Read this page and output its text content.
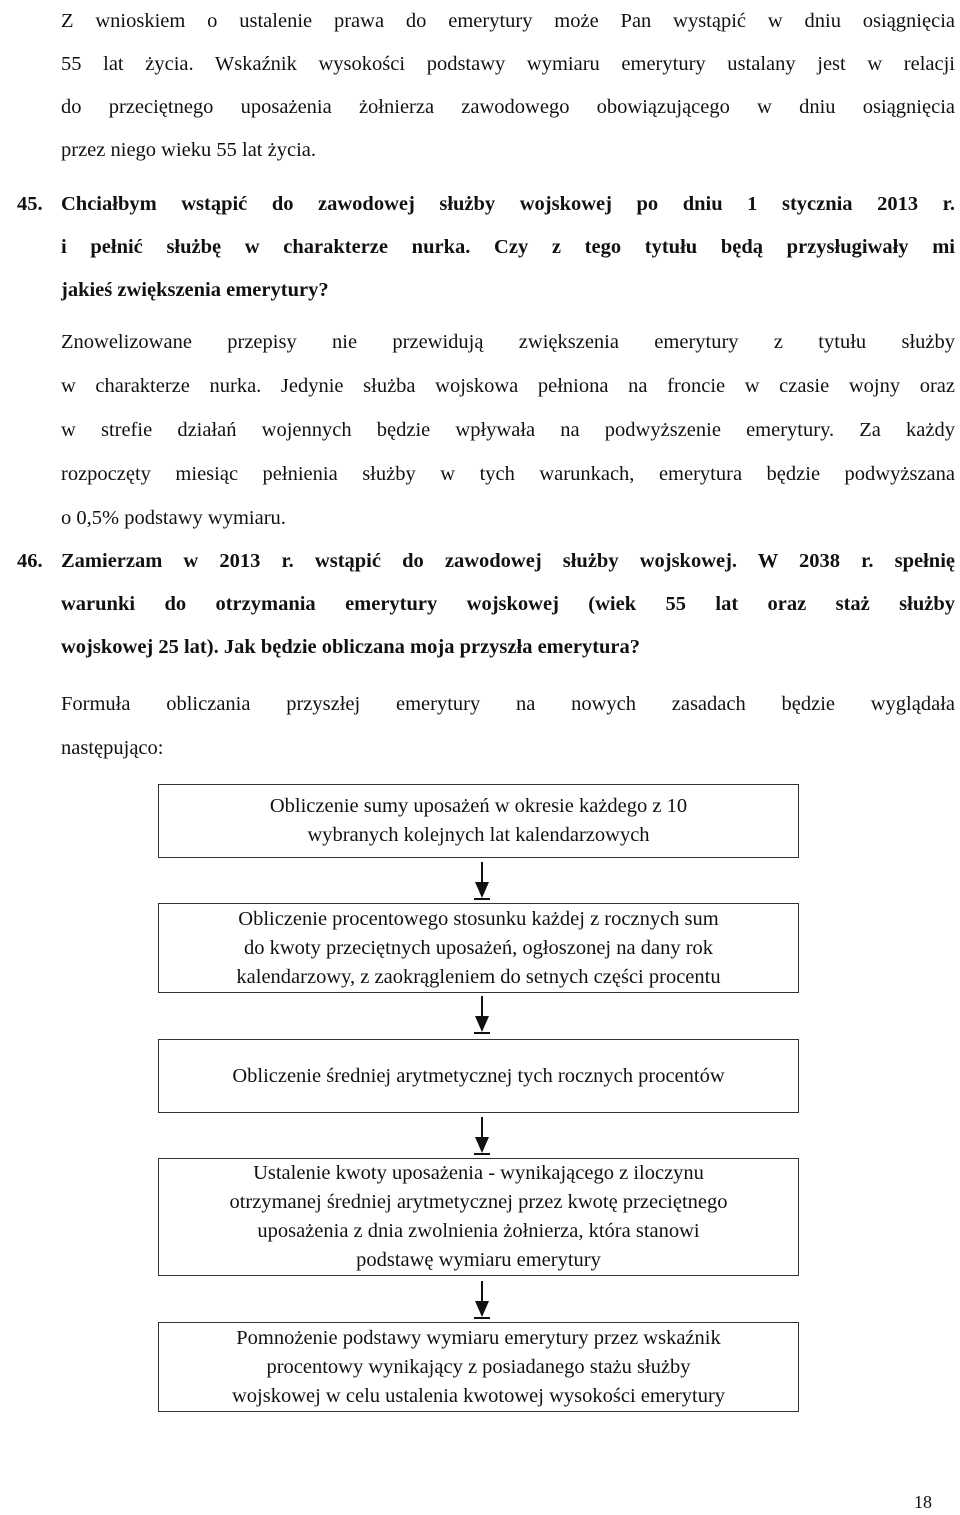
Z wnioskiem o ustalenie prawa do emerytury może Pan wystąpić w dniu osiągnięcia
55 lat życia. Wskaźnik wysokości podstawy wymiaru emerytury ustalany jest w relacji
do przeciętnego uposażenia żołnierza zawodowego obowiązującego w dniu osiągnięcia
przez niego wieku 55 lat życia.
45. Chciałbym wstąpić do zawodowej służby wojskowej po dniu 1 stycznia 2013 r.
i pełnić służbę w charakterze nurka. Czy z tego tytułu będą przysługiwały mi
jakieś zwiększenia emerytury?
Znowelizowane przepisy nie przewidują zwiększenia emerytury z tytułu służby
w charakterze nurka. Jedynie służba wojskowa pełniona na froncie w czasie wojny oraz
w strefie działań wojennych będzie wpływała na podwyższenie emerytury. Za każdy
rozpoczęty miesiąc pełnienia służby w tych warunkach, emerytura będzie podwyższana
o 0,5% podstawy wymiaru.
46. Zamierzam w 2013 r. wstąpić do zawodowej służby wojskowej. W 2038 r. spełnię
warunki do otrzymania emerytury wojskowej (wiek 55 lat oraz staż służby
wojskowej 25 lat). Jak będzie obliczana moja przyszła emerytura?
Formuła obliczania przyszłej emerytury na nowych zasadach będzie wyglądała
następująco:
Obliczenie sumy uposażeń w okresie każdego z 10
wybranych kolejnych lat kalendarzowych
Obliczenie procentowego stosunku każdej z rocznych sum
do kwoty przeciętnych uposażeń, ogłoszonej na dany rok
kalendarzowy, z zaokrągleniem do setnych części procentu
Obliczenie średniej arytmetycznej tych rocznych procentów
Ustalenie kwoty uposażenia - wynikającego z iloczynu
otrzymanej średniej arytmetycznej przez kwotę przeciętnego
uposażenia z dnia zwolnienia żołnierza, która stanowi
podstawę wymiaru emerytury
Pomnożenie podstawy wymiaru emerytury przez wskaźnik
procentowy wynikający z posiadanego stażu służby
wojskowej w celu ustalenia kwotowej wysokości emerytury
18
